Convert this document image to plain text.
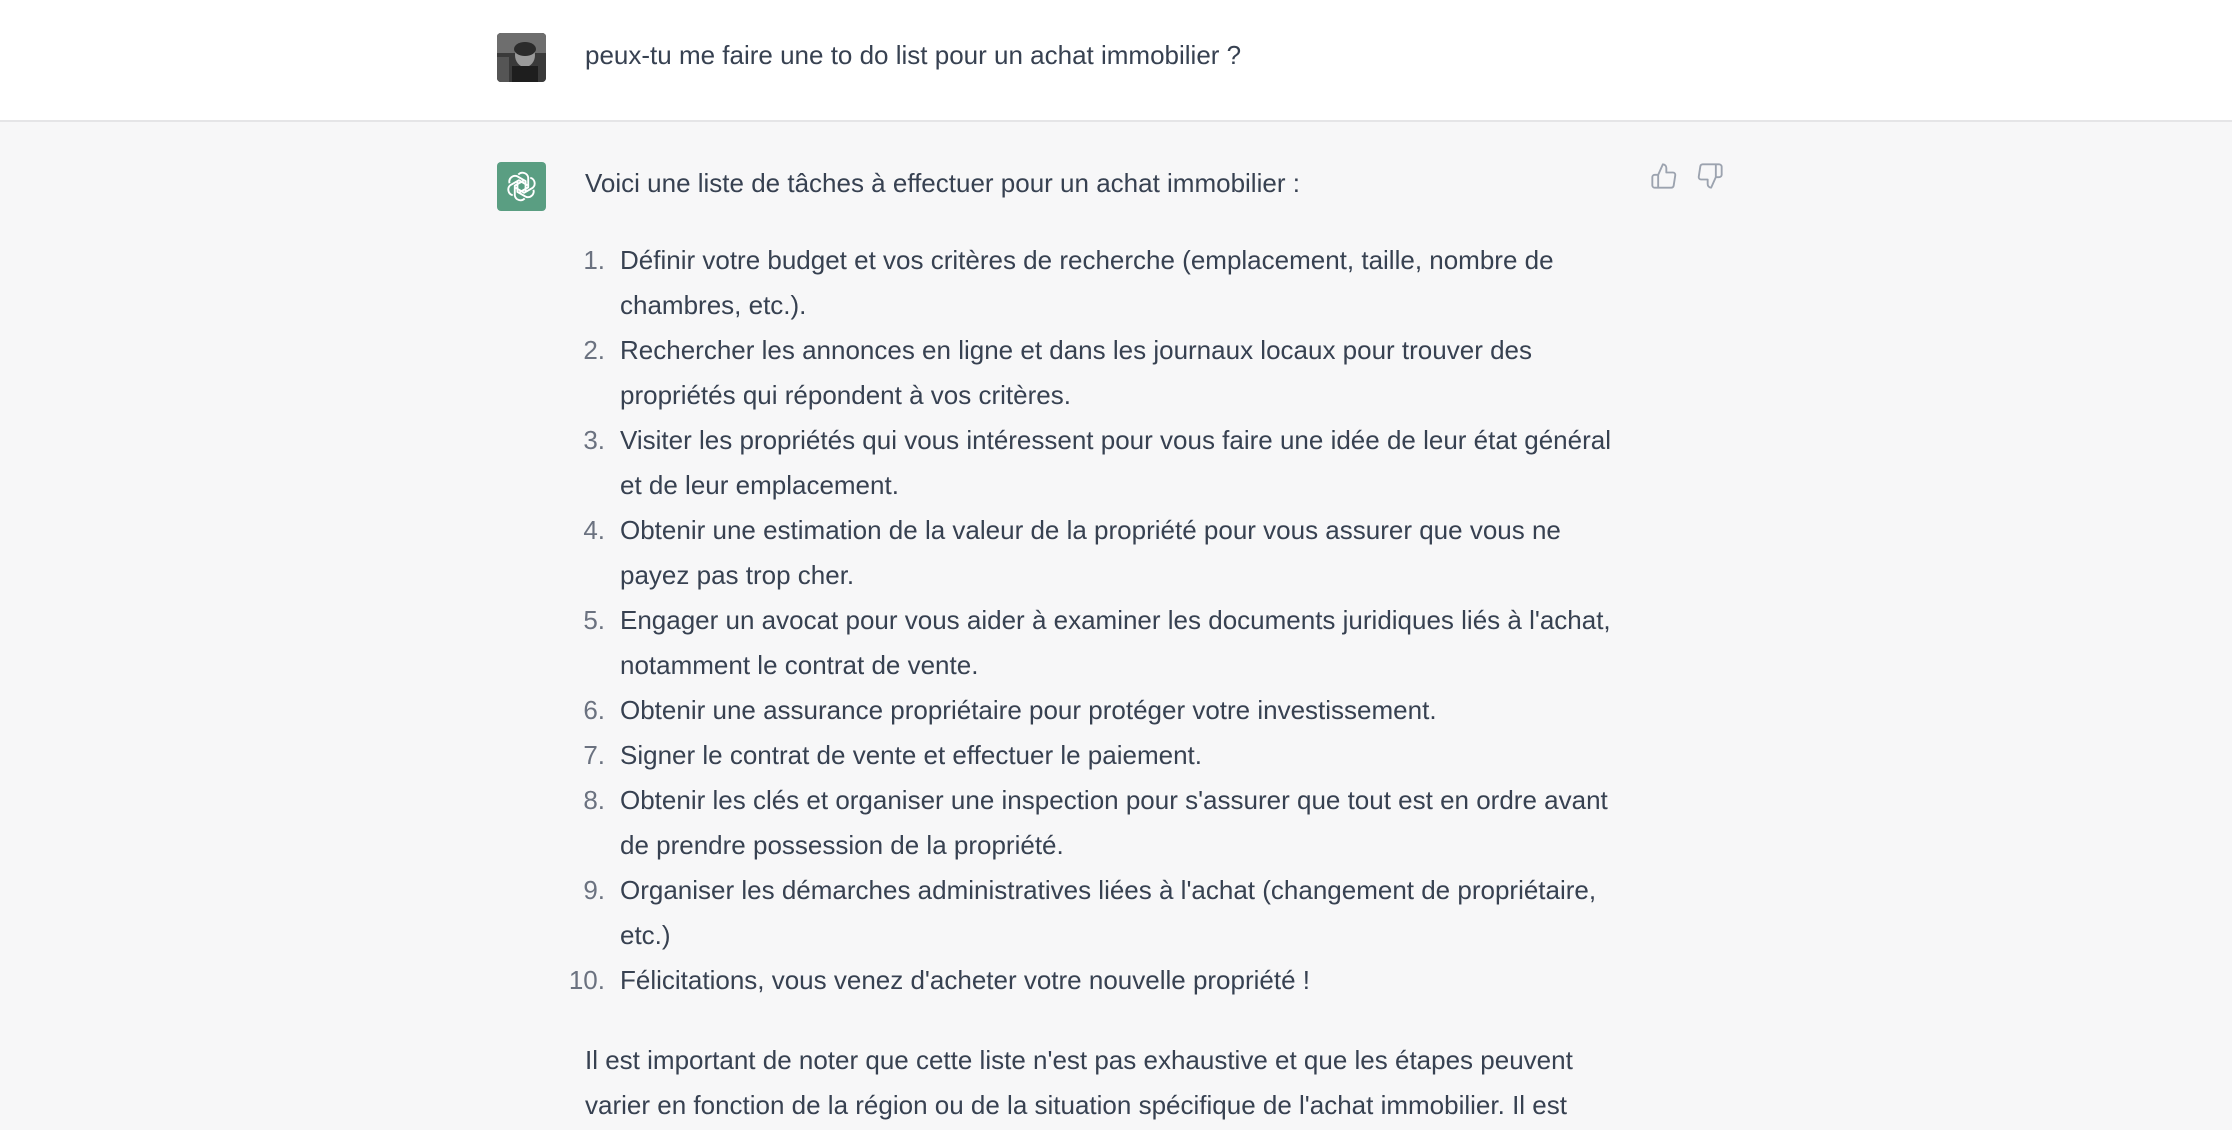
peux-tu me faire une to do list pour un achat immobilier ?
Voici une liste de tâches à effectuer pour un achat immobilier :
1. Définir votre budget et vos critères de recherche (emplacement, taille, nombre de chambres, etc.).
2. Rechercher les annonces en ligne et dans les journaux locaux pour trouver des propriétés qui répondent à vos critères.
3. Visiter les propriétés qui vous intéressent pour vous faire une idée de leur état général et de leur emplacement.
4. Obtenir une estimation de la valeur de la propriété pour vous assurer que vous ne payez pas trop cher.
5. Engager un avocat pour vous aider à examiner les documents juridiques liés à l'achat, notamment le contrat de vente.
6. Obtenir une assurance propriétaire pour protéger votre investissement.
7. Signer le contrat de vente et effectuer le paiement.
8. Obtenir les clés et organiser une inspection pour s'assurer que tout est en ordre avant de prendre possession de la propriété.
9. Organiser les démarches administratives liées à l'achat (changement de propriétaire, etc.)
10. Félicitations, vous venez d'acheter votre nouvelle propriété !
Il est important de noter que cette liste n'est pas exhaustive et que les étapes peuvent varier en fonction de la région ou de la situation spécifique de l'achat immobilier. Il est
